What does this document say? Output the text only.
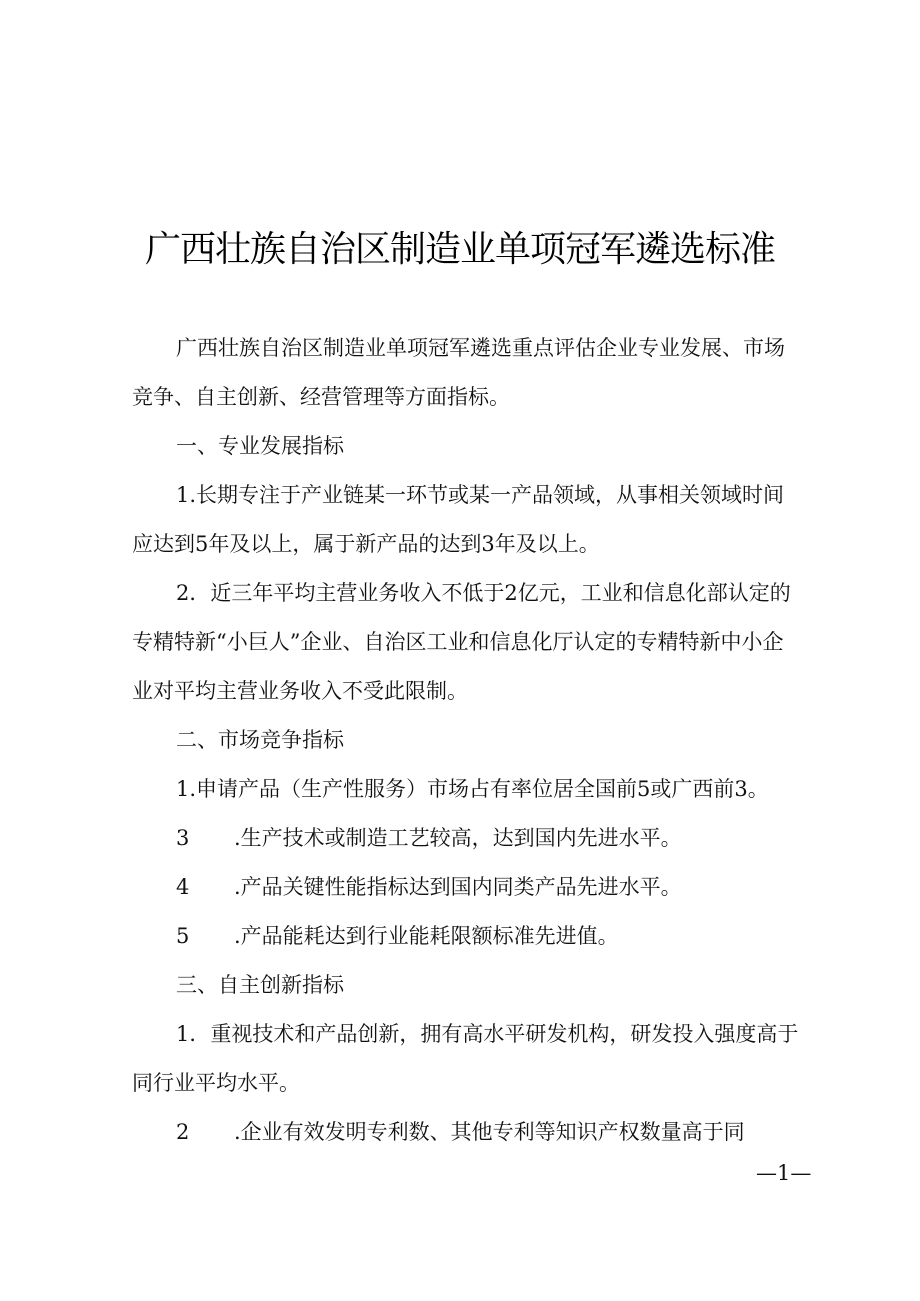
广西壮族自治区制造业单项冠军遴选标准

广西壮族自治区制造业单项冠军遴选重点评估企业专业发展、市场竞争、自主创新、经营管理等方面指标。

一、专业发展指标

1.长期专注于产业链某一环节或某一产品领域，从事相关领域时间应达到5年及以上，属于新产品的达到3年及以上。

2．近三年平均主营业务收入不低于2亿元，工业和信息化部认定的专精特新“小巨人”企业、自治区工业和信息化厅认定的专精特新中小企业对平均主营业务收入不受此限制。

二、市场竞争指标
1.申请产品（生产性服务）市场占有率位居全国前5或广西前3。
3 .生产技术或制造工艺较高，达到国内先进水平。
4 .产品关键性能指标达到国内同类产品先进水平。
5 .产品能耗达到行业能耗限额标准先进值。
三、自主创新指标

1．重视技术和产品创新，拥有高水平研发机构，研发投入强度高于同行业平均水平。

2 .企业有效发明专利数、其他专利等知识产权数量高于同
—1—
